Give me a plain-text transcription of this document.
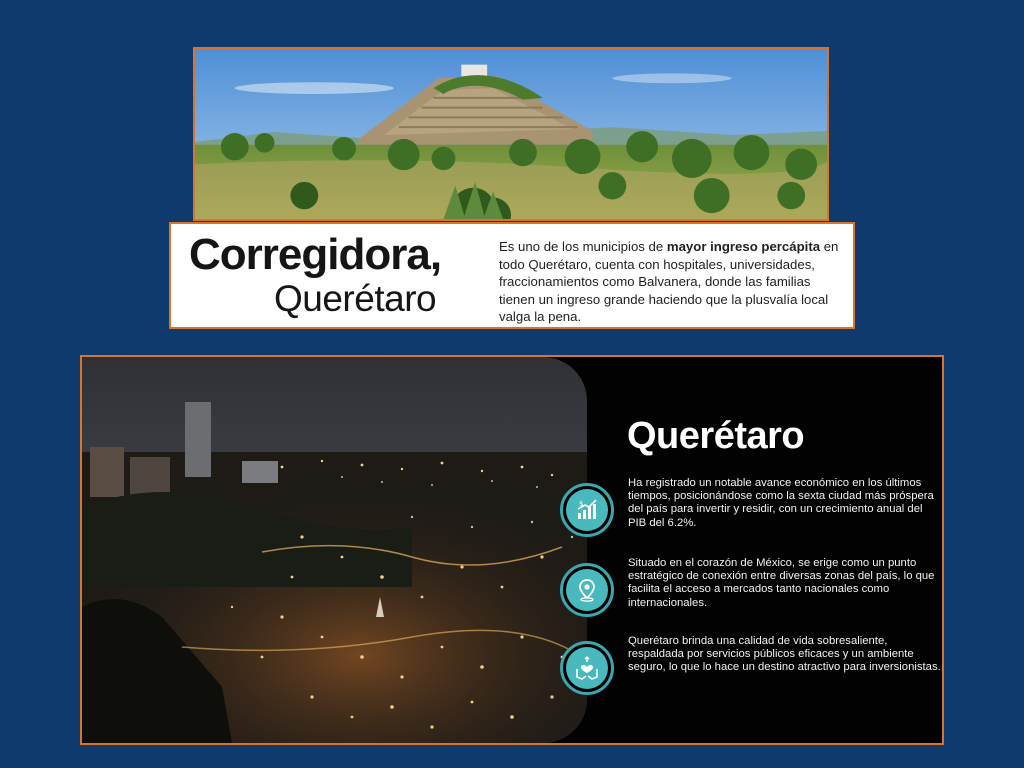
Corregidora,
Querétaro
Es uno de los municipios de mayor ingreso percápita en todo Querétaro, cuenta con hospitales, universidades, fraccionamientos como Balvanera, donde las familias tienen un ingreso grande haciendo que la plusvalía local valga la pena.
Querétaro
$
Ha registrado un notable avance económico en los últimos tiempos, posicionándose como la sexta ciudad más próspera del país para invertir y residir, con un crecimiento anual del PIB del 6.2%.
Situado en el corazón de México, se erige como un punto estratégico de conexión entre diversas zonas del país, lo que facilita el acceso a mercados tanto nacionales como internacionales.
Querétaro brinda una calidad de vida sobresaliente, respaldada por servicios públicos eficaces y un ambiente seguro, lo que lo hace un destino atractivo para inversionistas.
